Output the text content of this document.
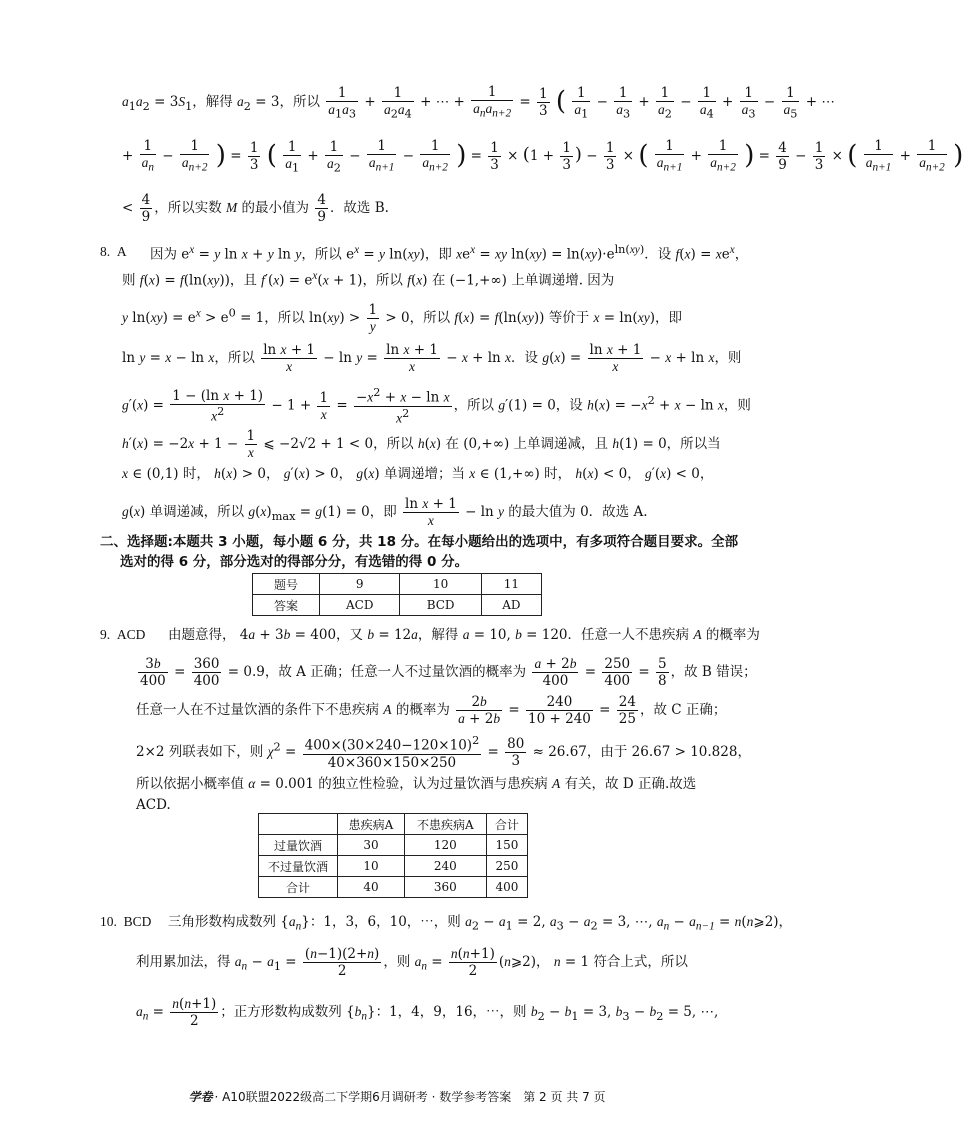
$a_1a_2 = 3S_1$，解得 $a_2 = 3$，所以 $\frac{1}{a_1a_3} + \frac{1}{a_2a_4}$ + ⋯ + $\frac{1}{a_na_{n+2}} = \frac{1}{3}$ ( $\frac{1}{a_1} - \frac{1}{a_3} + \frac{1}{a_2} - \frac{1}{a_4} + \frac{1}{a_3} - \frac{1}{a_5}$ + ⋯
+ $\frac{1}{a_n} - \frac{1}{a_{n+2}}$ ) = $\frac{1}{3}$ ( $\frac{1}{a_1} + \frac{1}{a_2} - \frac{1}{a_{n+1}} - \frac{1}{a_{n+2}}$ ) = $\frac{1}{3} \times (1 + \frac{1}{3}$ ) − $\frac{1}{3}$ × ( $\frac{1}{a_{n+1}} + \frac{1}{a_{n+2}}$ ) = $\frac{4}{9} - \frac{1}{3}$ × ( $\frac{1}{a_{n+1}} + \frac{1}{a_{n+2}}$ )
< $\frac{4}{9}$ ，所以实数 M 的最小值为 $\frac{4}{9}$ ．故选 B.
8. A 因为 $e^x = y$ ln x + y ln y，所以 $e^x = y$ ln(xy)，即 $xe^x$ = xy $\ln(xy) = \ln(xy)\cdot e^{ln(xy)}$．设 $f(x) = xe^x$，
则 f(x) = f(ln(xy))，且 $f'(x) = e^x(x + 1)$，所以 f(x) 在 (−1,+∞) 上单调递增. 因为
y $\ln(xy) = e^x > e^0 = 1$，所以 $\ln(xy) > \frac{1}{y} > 0$，所以 f(x) = f(ln(xy)) 等价于 x = ln(xy)，即
ln y = x − ln x，所以 $\frac{\text{ln x + 1}}{x} - \ln y = \frac{\text{ln x + 1}}{x} - x + \ln x$．设 $g(x) = \frac{\text{ln x + 1}}{x} - x + \ln x$，则
$g'(x) = \frac{\text{1 − (ln x + 1)}}{x^2} - 1 + \frac{1}{x} = \frac{-x^2 + x - \ln x}{x^2}$ ，所以 g′(1) = 0，设 $h(x) = -x^2 + x - \ln x$，则
$h'(x) = -2x + 1 - \frac{1}{x}$ ⩽ −2√2 + 1 < 0，所以 h(x) 在 (0,+∞) 上单调递减，且 h(1) = 0，所以当
x ∈ (0,1) 时， h(x) > 0， g′(x) > 0， g(x) 单调递增；当 x ∈ (1,+∞) 时， h(x) < 0， g′(x) < 0，
g(x) 单调递减，所以 $g(x)_{max} = g(1) = 0$，即 $\frac{\text{ln x + 1}}{x} - \ln y$ 的最大值为 0．故选 A.
二、选择题:本题共 3 小题，每小题 6 分，共 18 分。在每小题给出的选项中，有多项符合题目要求。全部
选对的得 6 分，部分选对的得部分分，有选错的得 0 分。
题号	9	10	11
答案	ACD	BCD	AD
9. ACD 由题意得， 4a + 3b = 400，又 b = 12a，解得 a = 10, b = 120．任意一人不患疾病 A 的概率为
$\frac{3b}{400} = \frac{360}{400} = 0.9$，故 A 正确；任意一人不过量饮酒的概率为 $\frac{a + 2b}{400} = \frac{250}{400} = \frac{5}{8}$ ，故 B 错误；
任意一人在不过量饮酒的条件下不患疾病 A 的概率为 $\frac{2b}{a + 2b} = \frac{240}{10 + 240} = \frac{24}{25}$ ，故 C 正确；
2×2 列联表如下，则 $\chi^2 = \frac{400\times(30\times 240-120\times 10)^2}{40\times 360\times 150\times 250} = \frac{80}{3} \approx 26.67$，由于 26.67 > 10.828，
所以依据小概率值 α = 0.001 的独立性检验，认为过量饮酒与患疾病 A 有关，故 D 正确.故选
ACD.
	患疾病A	不患疾病A	合计
过量饮酒	30	120	150
不过量饮酒	10	240	250
合计	40	360	400
10. BCD 三角形数构成数列 $\{a_n\}$：1，3，6，10，⋯，则 $a_2 - a_1 = 2$, $a_3 - a_2 = 3$, ⋯, $a_n - a_{n-1}$ = n(n⩾2)，
利用累加法，得 $a_n - a_1 = \frac{(n-1)(2+n)}{2}$ ，则 $a_n = \frac{n(n+1)}{2}$ (n⩾2)， n = 1 符合上式，所以
$a_n = \frac{n(n+1)}{2}$ ；正方形数构成数列 $\{b_n\}$：1，4，9，16，⋯，则 $b_2 - b_1 = 3$, $b_3 - b_2 = 5$, ⋯,
学卷 · A10联盟2022级高二下学期6月调研考 · 数学参考答案　第 2 页 共 7 页
